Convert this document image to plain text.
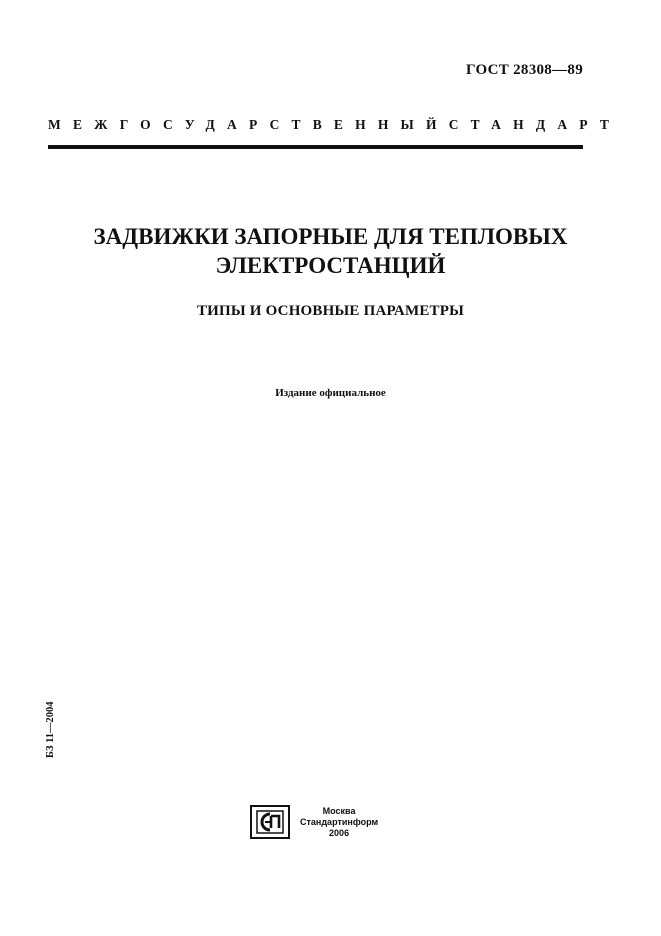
ГОСТ 28308—89
МЕЖГОСУДАРСТВЕННЫЙ СТАНДАРТ
ЗАДВИЖКИ ЗАПОРНЫЕ ДЛЯ ТЕПЛОВЫХ
ЭЛЕКТРОСТАНЦИЙ
ТИПЫ И ОСНОВНЫЕ ПАРАМЕТРЫ
Издание официальное
БЗ 11—2004
Москва
Стандартинформ
2006
